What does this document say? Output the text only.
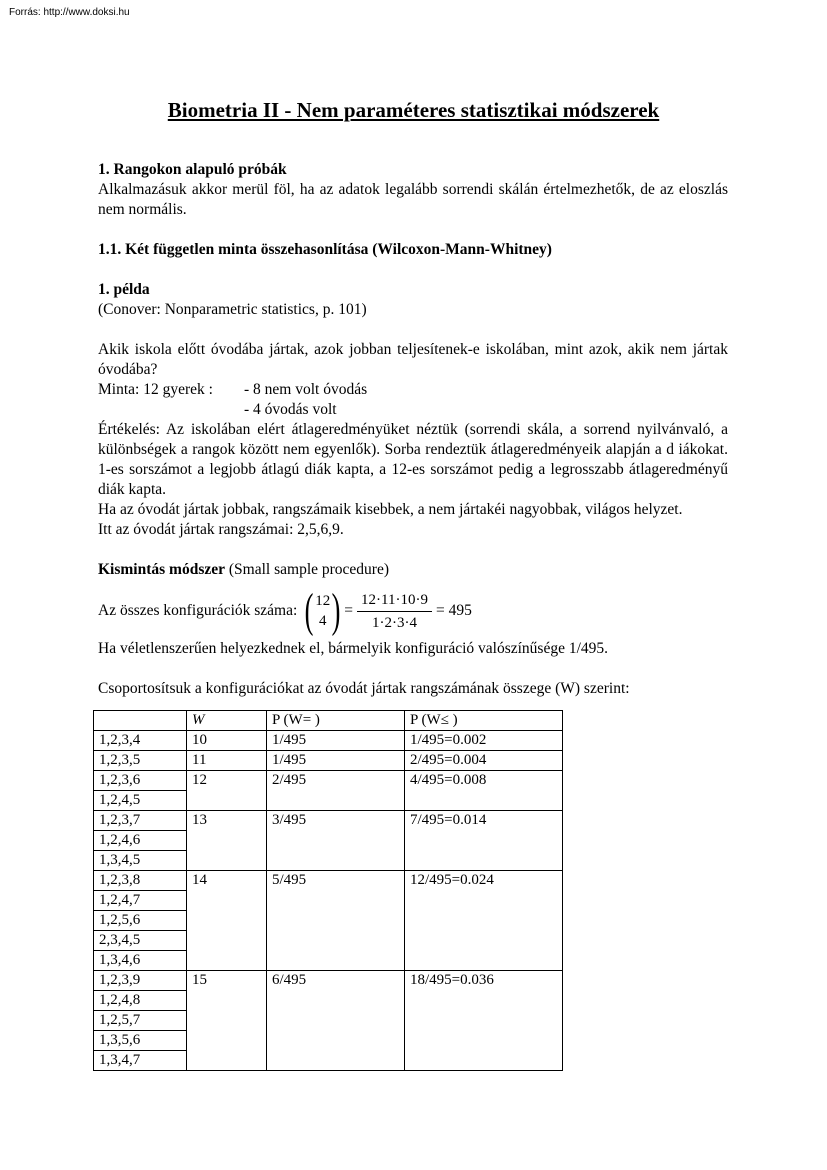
Forrás: http://www.doksi.hu
Biometria II - Nem paraméteres statisztikai módszerek

1. Rangokon alapuló próbák

Alkalmazásuk akkor merül föl, ha az adatok legalább sorrendi skálán értelmezhetők, de az eloszlás nem normális.

1.1. Két független minta összehasonlítása (Wilcoxon-Mann-Whitney)

1. példa

(Conover: Nonparametric statistics, p. 101)

Akik iskola előtt óvodába jártak, azok jobban teljesítenek-e iskolában, mint azok, akik nem jártak óvodába?

Minta: 12 gyerek :	- 8 nem volt óvodás
- 4 óvodás volt

Értékelés: Az iskolában elért átlageredményüket néztük (sorrendi skála, a sorrend nyilvánvaló, a különbségek a rangok között nem egyenlők). Sorba rendeztük átlageredményeik alapján a d iákokat. 1-es sorszámot a legjobb átlagú diák kapta, a 12-es sorszámot pedig a legrosszabb átlageredményű diák kapta.

Ha az óvodát jártak jobbak, rangszámaik kisebbek, a nem jártakéi nagyobbak, világos helyzet.

Itt az óvodát jártak rangszámai: 2,5,6,9.

Kismintás módszer (Small sample procedure)

Az összes konfigurációk száma: ( 12
4 ) = $\frac{12\cdot 11\cdot 10\cdot 9}{1\cdot 2\cdot 3\cdot 4} = 495$

Ha véletlenszerűen helyezkednek el, bármelyik konfiguráció valószínűsége 1/495.

Csoportosítsuk a konfigurációkat az óvodát jártak rangszámának összege (W) szerint:

	W	P (W= )	P (W≤ )
1,2,3,4	10	1/495	1/495=0.002
1,2,3,5	11	1/495	2/495=0.004
1,2,3,6	12	2/495	4/495=0.008
1,2,4,5			
1,2,3,7	13	3/495	7/495=0.014
1,2,4,6			
1,3,4,5			
1,2,3,8	14	5/495	12/495=0.024
1,2,4,7			
1,2,5,6			
2,3,4,5			
1,3,4,6			
1,2,3,9	15	6/495	18/495=0.036
1,2,4,8			
1,2,5,7			
1,3,5,6			
1,3,4,7			
